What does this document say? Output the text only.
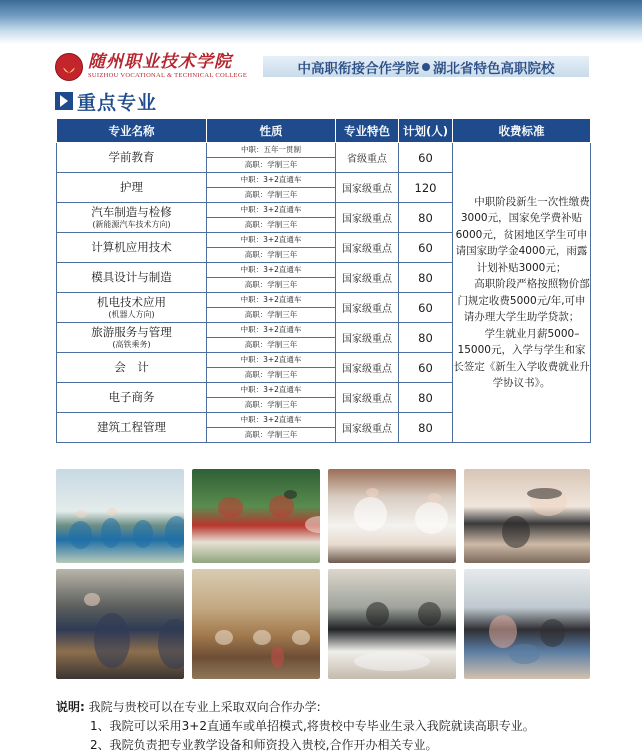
随州职业技术学院
SUIZHOU VOCATIONAL & TECHNICAL COLLEGE	中高职衔接合作学院 湖北省特色高职院校
重点专业
专业名称	性质	专业特色	计划(人)	收费标准
学前教育	中职：五年一贯制	省级重点	60	中职阶段新生一次性缴费3000元，国家免学费补贴6000元，贫困地区学生可申请国家助学金4000元，雨露计划补贴3000元；

高职阶段严格按照物价部门规定收费5000元/年,可申请办理大学生助学贷款；

学生就业月薪5000–15000元，入学与学生和家长签定《新生入学收费就业升学协议书》。

	高职：学制三年			
护理	中职：3+2直通车	国家级重点	120	
	高职：学制三年			
汽车制造与检修
(新能源汽车技术方向)	中职：3+2直通车	国家级重点	80	
	高职：学制三年			
计算机应用技术	中职：3+2直通车	国家级重点	60	
	高职：学制三年			
模具设计与制造	中职：3+2直通车	国家级重点	80	
	高职：学制三年			
机电技术应用
(机器人方向)	中职：3+2直通车	国家级重点	60	
	高职：学制三年			
旅游服务与管理
(高铁乘务)	中职：3+2直通车	国家级重点	80	
	高职：学制三年			
会　计	中职：3+2直通车	国家级重点	60	
	高职：学制三年			
电子商务	中职：3+2直通车	国家级重点	80	
	高职：学制三年			
建筑工程管理	中职：3+2直通车	国家级重点	80	
	高职：学制三年			
说明: 我院与贵校可以在专业上采取双向合作办学:
1、我院可以采用3+2直通车或单招模式,将贵校中专毕业生录入我院就读高职专业。
2、我院负责把专业教学设备和师资投入贵校,合作开办相关专业。
